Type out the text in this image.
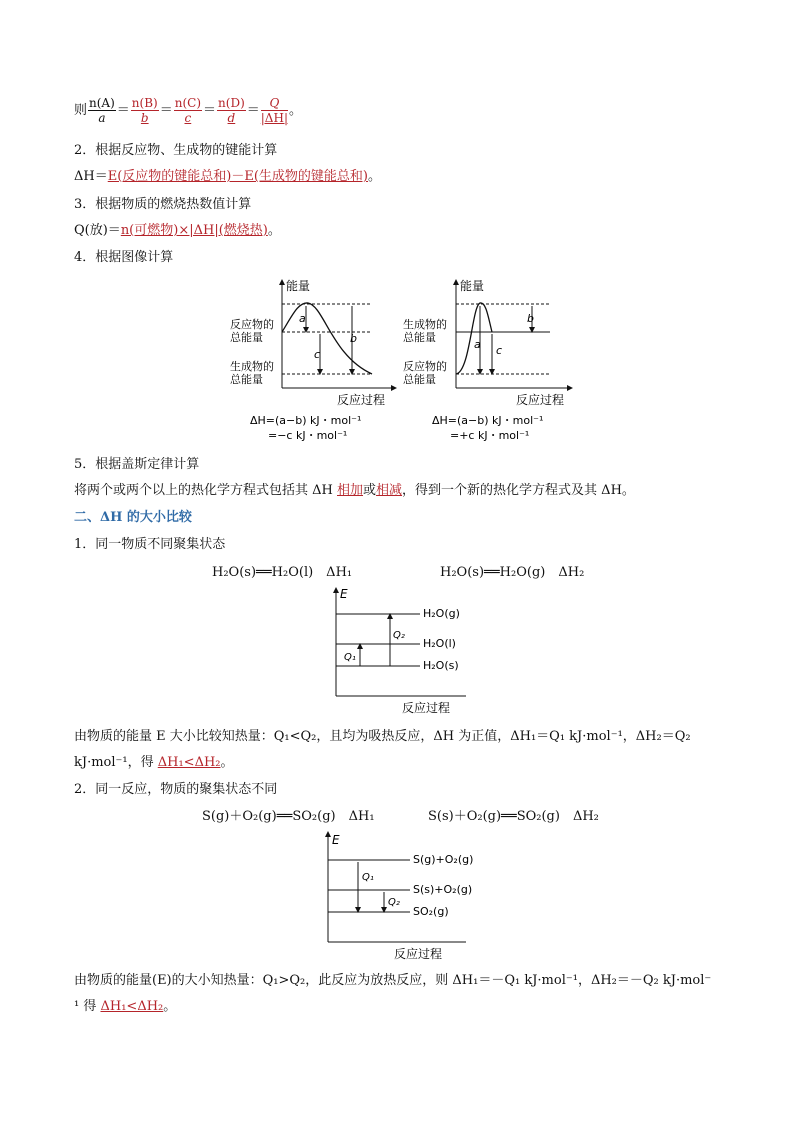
则 $\frac{n(A)}{a} = \frac{n(B)}{b} = \frac{n(C)}{c} = \frac{n(D)}{d} = \frac{Q}{|\Delta H|}$ 。
2．根据反应物、生成物的键能计算
ΔH＝E(反应物的键能总和)－E(生成物的键能总和)。
3．根据物质的燃烧热数值计算
Q(放)＝n(可燃物)×|ΔH|(燃烧热)。
4．根据图像计算
能量
反应物的
总能量
生成物的
总能量
a
b
c
反应过程
ΔH=(a−b) kJ・mol⁻¹
=−c kJ・mol⁻¹
能量
生成物的
总能量
反应物的
总能量
a c
b
反应过程
ΔH=(a−b) kJ・mol⁻¹
=+c kJ・mol⁻¹
5．根据盖斯定律计算
将两个或两个以上的热化学方程式包括其 ΔH 相加或相减，得到一个新的热化学方程式及其 ΔH。
二、ΔH 的大小比较
1．同一物质不同聚集状态
H₂O(s)══H₂O(l)　ΔH₁	H₂O(s)══H₂O(g)　ΔH₂
E
H₂O(g)
H₂O(l)
H₂O(s)
Q₁
Q₂
反应过程
由物质的能量 E 大小比较知热量：Q₁<Q₂，且均为吸热反应，ΔH 为正值，ΔH₁＝Q₁ kJ·mol⁻¹，ΔH₂＝Q₂
kJ·mol⁻¹，得 ΔH₁<ΔH₂。
2．同一反应，物质的聚集状态不同
S(g)＋O₂(g)══SO₂(g)　ΔH₁	S(s)＋O₂(g)══SO₂(g)　ΔH₂
E
S(g)+O₂(g)
S(s)+O₂(g)
SO₂(g)
Q₁
Q₂
反应过程
由物质的能量(E)的大小知热量：Q₁>Q₂，此反应为放热反应，则 ΔH₁＝－Q₁ kJ·mol⁻¹，ΔH₂＝－Q₂ kJ·mol⁻
¹ 得 ΔH₁<ΔH₂。
